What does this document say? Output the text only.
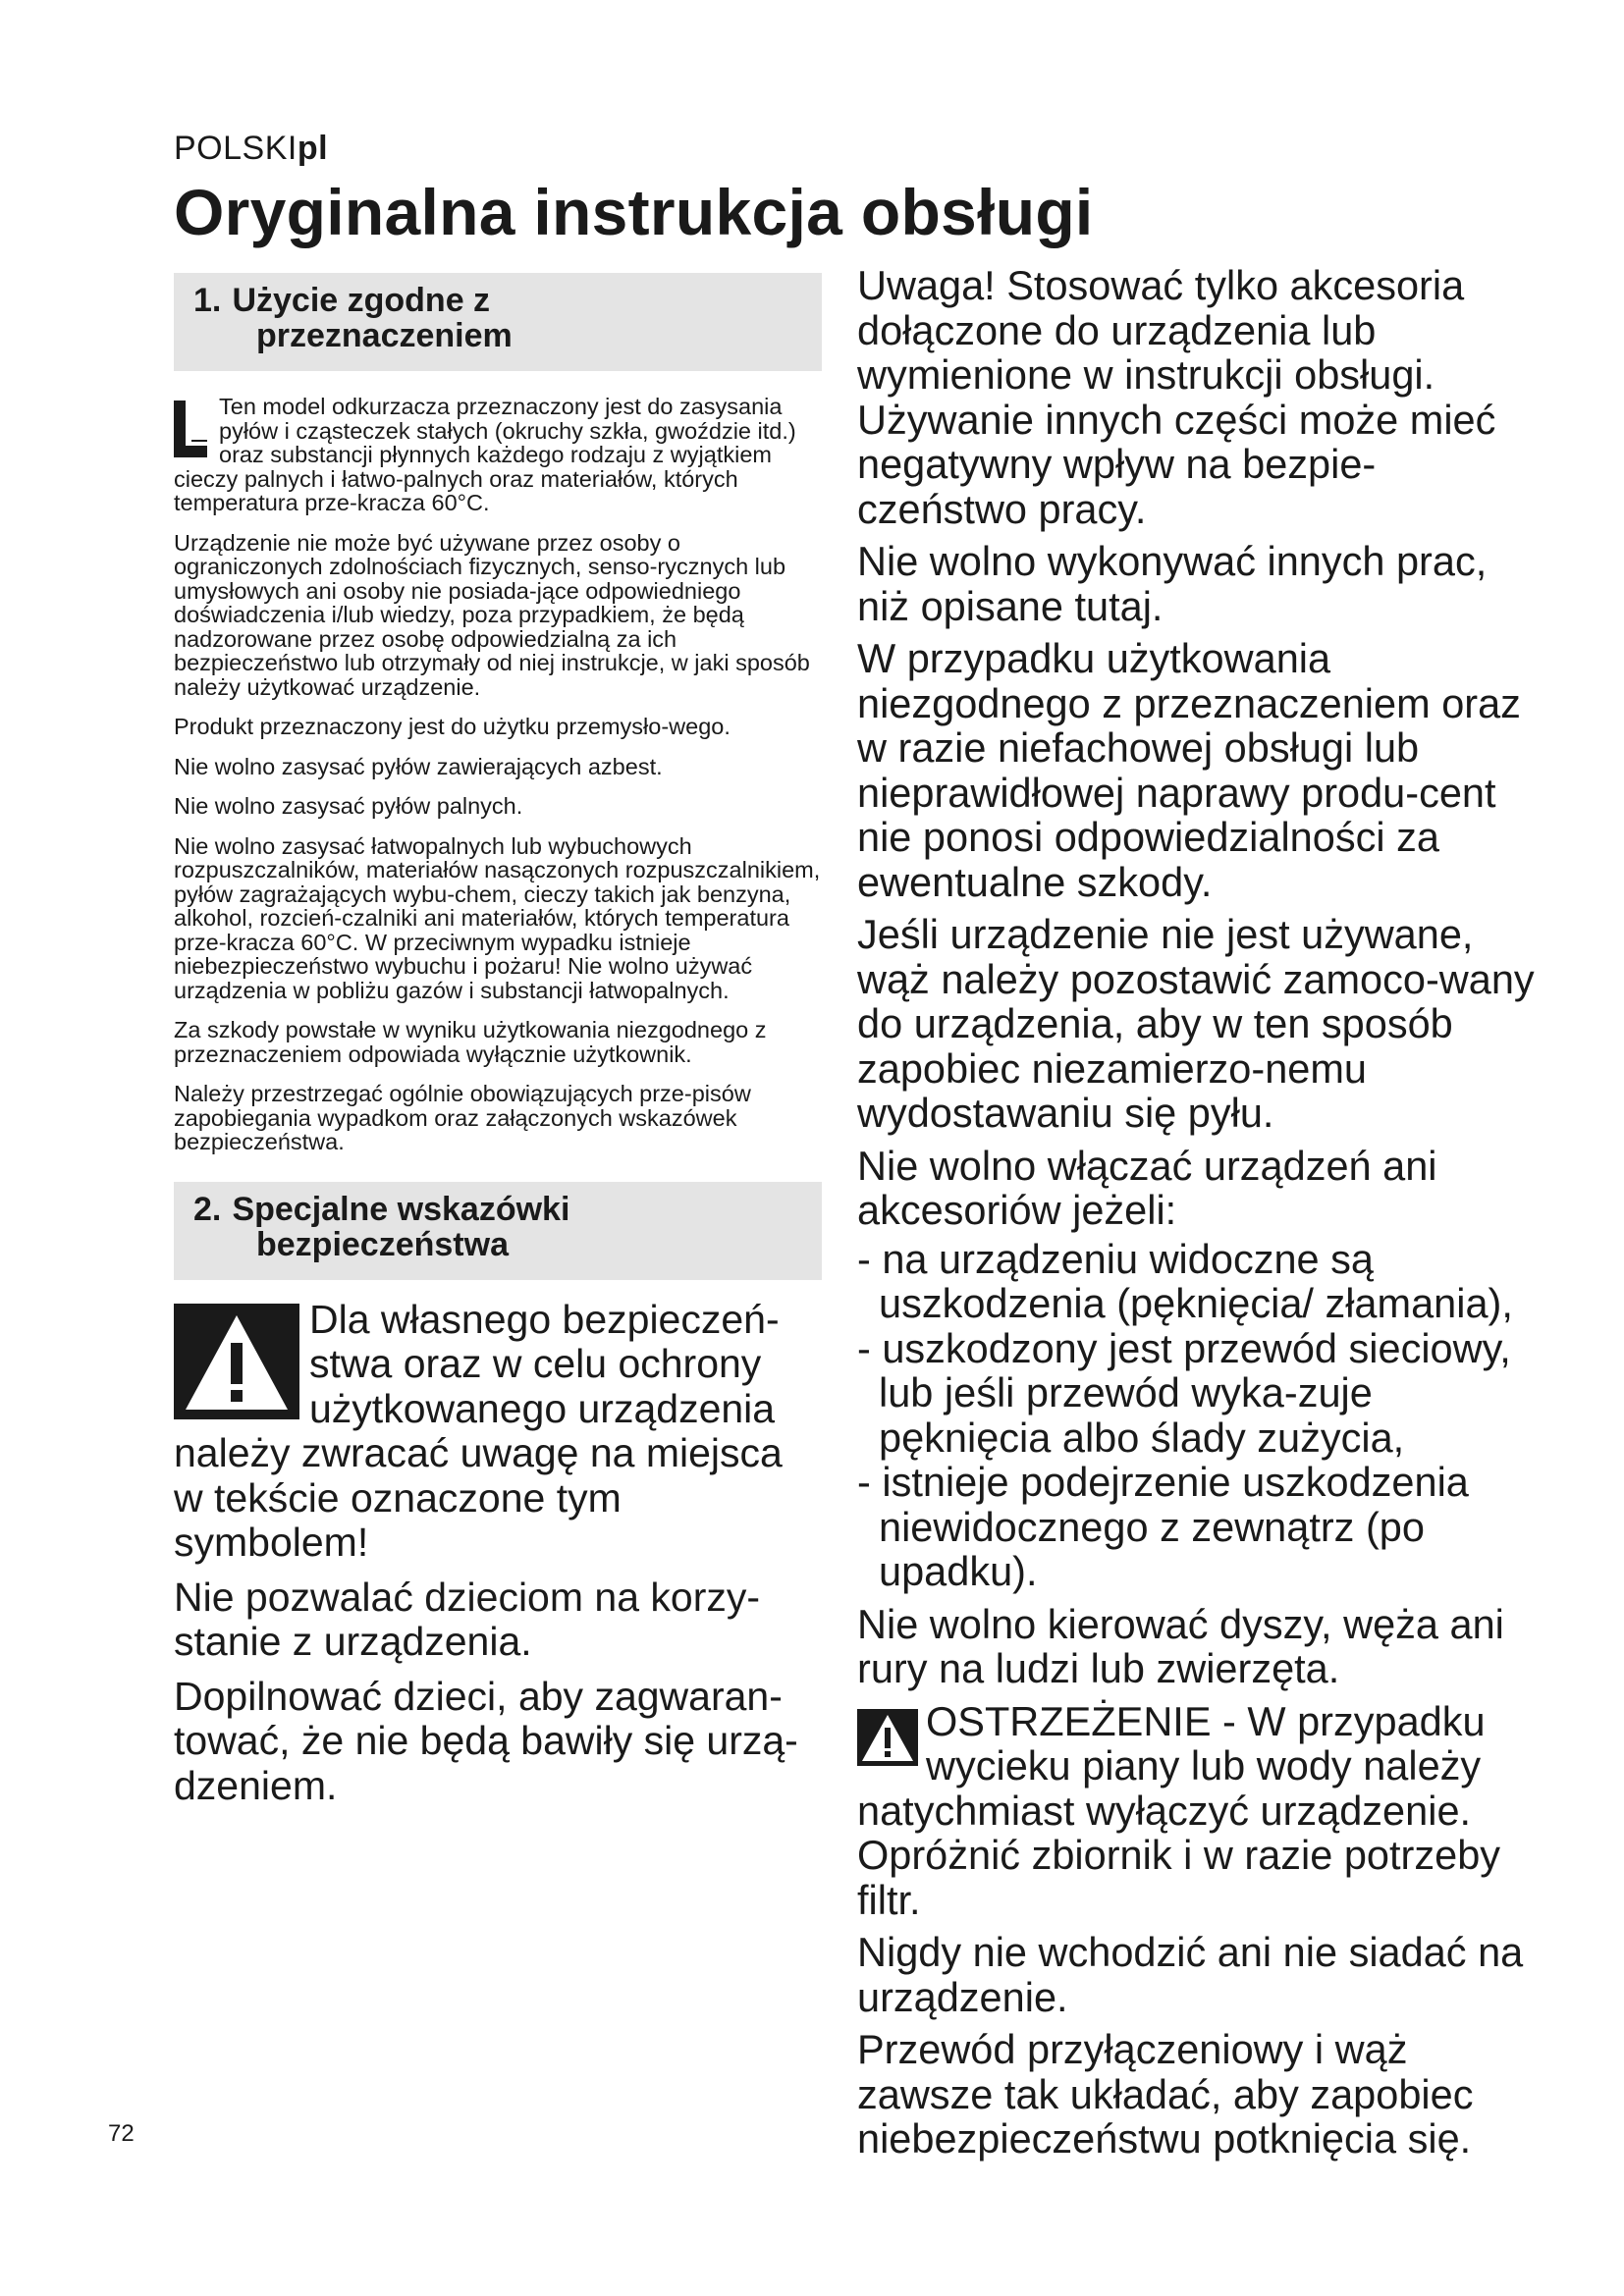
POLSKIpl
Oryginalna instrukcja obsługi
1. Użycie zgodne z
przeznaczeniem

Ten model odkurzacza przeznaczony jest do zasysania pyłów i cząsteczek stałych (okruchy szkła, gwoździe itd.) oraz substancji płynnych każdego rodzaju z wyjątkiem cieczy palnych i łatwo-palnych oraz materiałów, których temperatura prze-kracza 60°C.

Urządzenie nie może być używane przez osoby o ograniczonych zdolnościach fizycznych, senso-rycznych lub umysłowych ani osoby nie posiada-jące odpowiedniego doświadczenia i/lub wiedzy, poza przypadkiem, że będą nadzorowane przez osobę odpowiedzialną za ich bezpieczeństwo lub otrzymały od niej instrukcje, w jaki sposób należy użytkować urządzenie.

Produkt przeznaczony jest do użytku przemysło-wego.

Nie wolno zasysać pyłów zawierających azbest.

Nie wolno zasysać pyłów palnych.

Nie wolno zasysać łatwopalnych lub wybuchowych rozpuszczalników, materiałów nasączonych rozpuszczalnikiem, pyłów zagrażających wybu-chem, cieczy takich jak benzyna, alkohol, rozcień-czalniki ani materiałów, których temperatura prze-kracza 60°C. W przeciwnym wypadku istnieje niebezpieczeństwo wybuchu i pożaru! Nie wolno używać urządzenia w pobliżu gazów i substancji łatwopalnych.

Za szkody powstałe w wyniku użytkowania niezgodnego z przeznaczeniem odpowiada wyłącznie użytkownik.

Należy przestrzegać ogólnie obowiązujących prze-pisów zapobiegania wypadkom oraz załączonych wskazówek bezpieczeństwa.

2. Specjalne wskazówki
bezpieczeństwa

Dla własnego bezpieczeń-stwa oraz w celu ochrony użytkowanego urządzenia należy zwracać uwagę na miejsca w tekście oznaczone tym symbolem!

Nie pozwalać dzieciom na korzy-stanie z urządzenia.

Dopilnować dzieci, aby zagwaran-tować, że nie będą bawiły się urzą-dzeniem.

Uwaga! Stosować tylko akcesoria dołączone do urządzenia lub wymienione w instrukcji obsługi. Używanie innych części może mieć negatywny wpływ na bezpie-czeństwo pracy.

Nie wolno wykonywać innych prac, niż opisane tutaj.

W przypadku użytkowania niezgodnego z przeznaczeniem oraz w razie niefachowej obsługi lub nieprawidłowej naprawy produ-cent nie ponosi odpowiedzialności za ewentualne szkody.

Jeśli urządzenie nie jest używane, wąż należy pozostawić zamoco-wany do urządzenia, aby w ten sposób zapobiec niezamierzo-nemu wydostawaniu się pyłu.

Nie wolno włączać urządzeń ani akcesoriów jeżeli:

- na urządzeniu widoczne są uszkodzenia (pęknięcia/ złamania),
- uszkodzony jest przewód sieciowy, lub jeśli przewód wyka-zuje pęknięcia albo ślady zużycia,
- istnieje podejrzenie uszkodzenia niewidocznego z zewnątrz (po upadku).

Nie wolno kierować dyszy, węża ani rury na ludzi lub zwierzęta.

OSTRZEŻENIE - W przypadku wycieku piany lub wody należy natychmiast wyłączyć urządzenie. Opróżnić zbiornik i w razie potrzeby filtr.

Nigdy nie wchodzić ani nie siadać na urządzenie.

Przewód przyłączeniowy i wąż zawsze tak układać, aby zapobiec niebezpieczeństwu potknięcia się.

72
